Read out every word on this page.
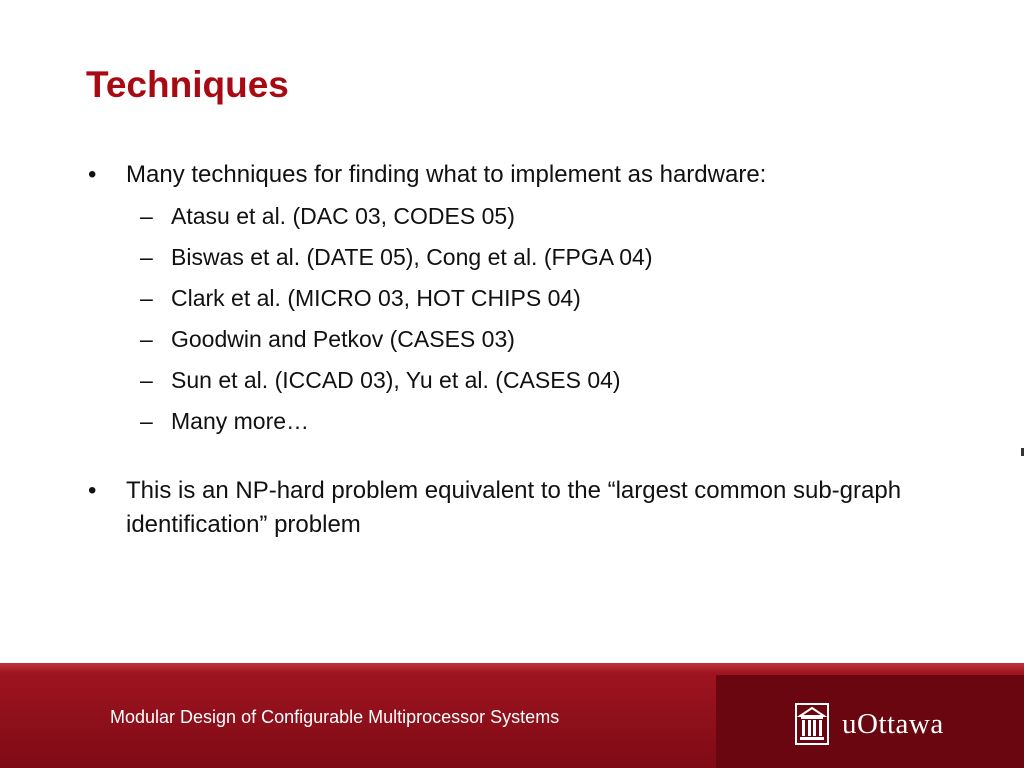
Techniques
• Many techniques for finding what to implement as hardware:
– Atasu et al. (DAC 03, CODES 05)
– Biswas et al. (DATE 05), Cong et al. (FPGA 04)
– Clark et al. (MICRO 03, HOT CHIPS 04)
– Goodwin and Petkov (CASES 03)
– Sun et al. (ICCAD 03), Yu et al. (CASES 04)
– Many more…
• This is an NP-hard problem equivalent to the “largest common sub-graph identification” problem
Modular Design of Configurable Multiprocessor Systems	uOttawa
